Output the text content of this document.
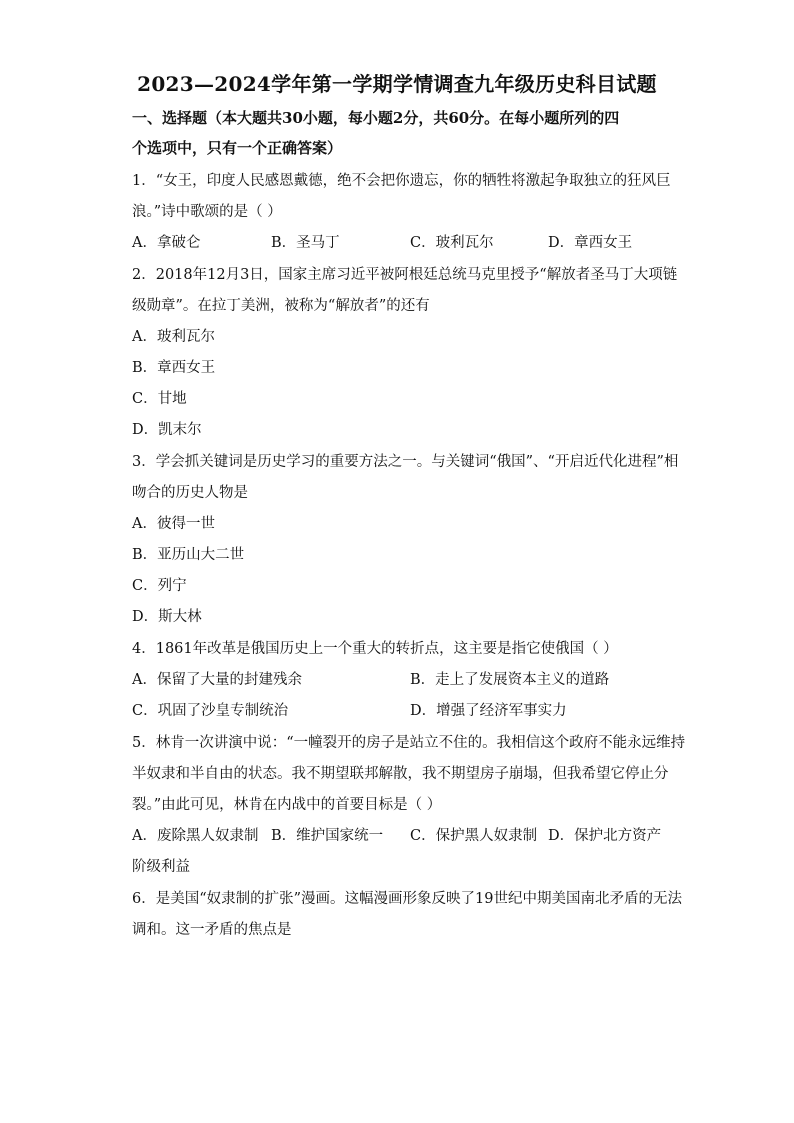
2023—2024学年第一学期学情调查九年级历史科目试题
一、选择题（本大题共30小题，每小题2分，共60分。在每小题所列的四
个选项中，只有一个正确答案）
1．“女王，印度人民感恩戴德，绝不会把你遗忘，你的牺牲将激起争取独立的狂风巨
浪。”诗中歌颂的是（ ）
A．拿破仑	B．圣马丁	C．玻利瓦尔	D．章西女王
2．2018年12月3日，国家主席习近平被阿根廷总统马克里授予“解放者圣马丁大项链
级勋章”。在拉丁美洲，被称为“解放者”的还有
A．玻利瓦尔
B．章西女王
C．甘地
D．凯末尔
3．学会抓关键词是历史学习的重要方法之一。与关键词“俄国”、“开启近代化进程”相
吻合的历史人物是
A．彼得一世
B．亚历山大二世
C．列宁
D．斯大林
4．1861年改革是俄国历史上一个重大的转折点，这主要是指它使俄国（ ）
A．保留了大量的封建残余	B．走上了发展资本主义的道路
C．巩固了沙皇专制统治	D．增强了经济军事实力
5．林肯一次讲演中说：“一幢裂开的房子是站立不住的。我相信这个政府不能永远维持
半奴隶和半自由的状态。我不期望联邦解散，我不期望房子崩塌，但我希望它停止分
裂。”由此可见，林肯在内战中的首要目标是（ ）
A．废除黑人奴隶制 B．维护国家统一 C．保护黑人奴隶制 D．保护北方资产
阶级利益
6．是美国“奴隶制的扩张”漫画。这幅漫画形象反映了19世纪中期美国南北矛盾的无法
调和。这一矛盾的焦点是
